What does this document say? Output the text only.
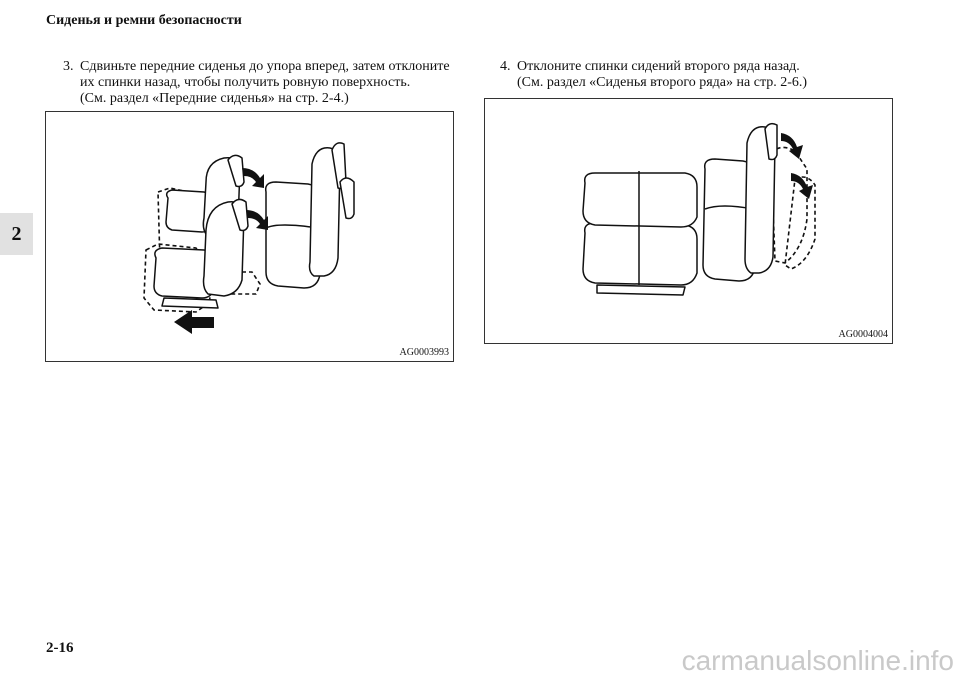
Сиденья и ремни безопасности
2
3. Сдвиньте передние сиденья до упора вперед, затем отклоните
их спинки назад, чтобы получить ровную поверхность.
(См. раздел «Передние сиденья» на стр. 2-4.)
4. Отклоните спинки сидений второго ряда назад.
(См. раздел «Сиденья второго ряда» на стр. 2-6.)
AG0003993
AG0004004
2-16	carmanualsonline.info
